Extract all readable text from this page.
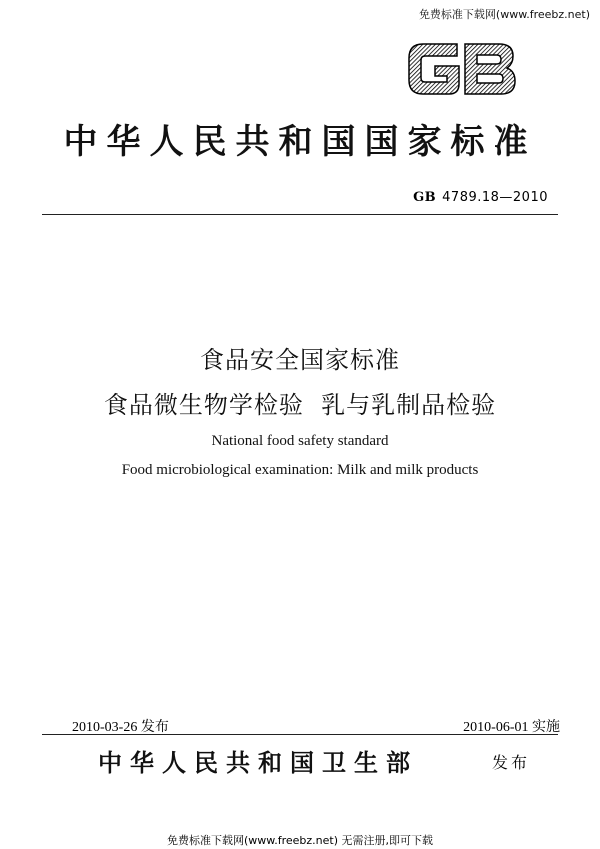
免费标准下载网(www.freebz.net)
中华人民共和国国家标准
GB 4789.18—2010
食品安全国家标准
食品微生物学检验  乳与乳制品检验
National food safety standard
Food microbiological examination: Milk and milk products
2010-03-26 发布	2010-06-01 实施
中华人民共和国卫生部	发布
免费标准下载网(www.freebz.net) 无需注册,即可下载
